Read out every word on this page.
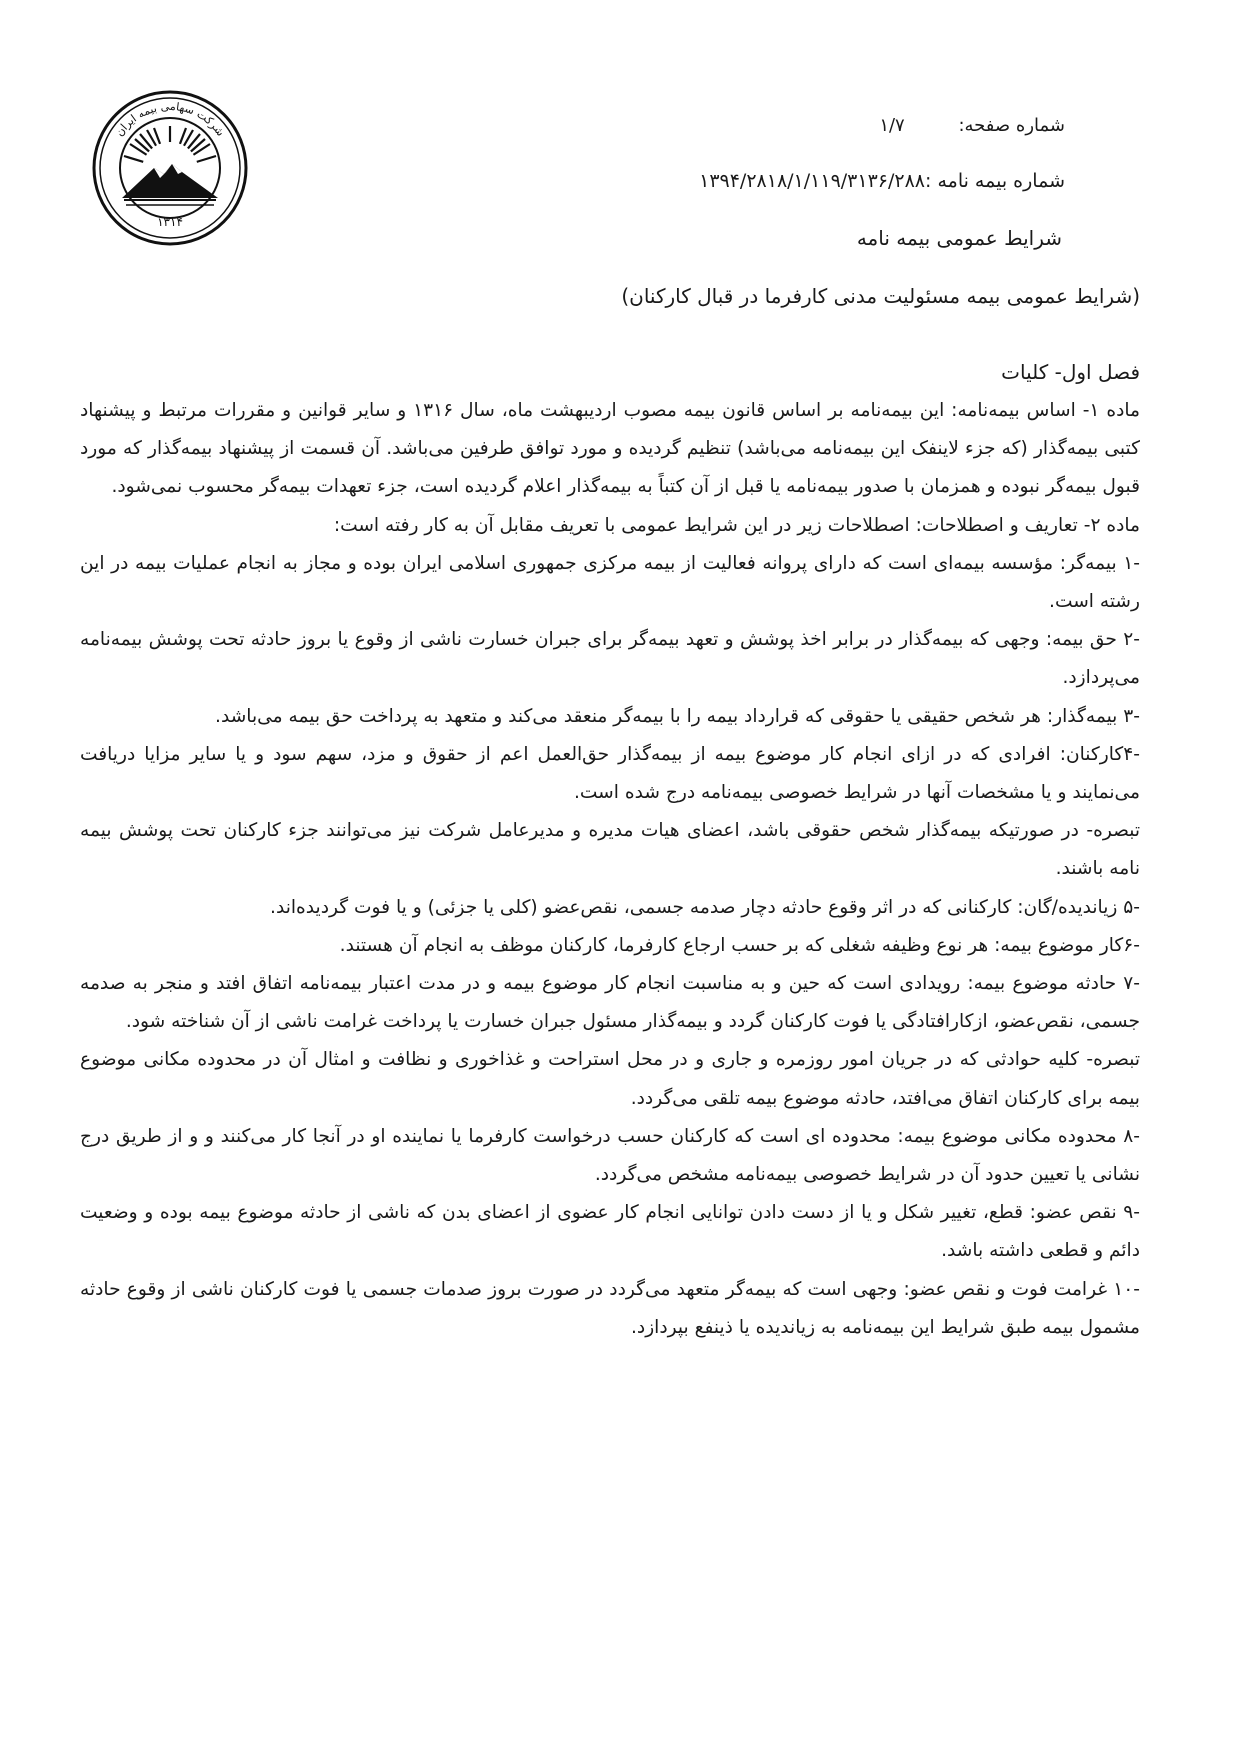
شرکت سهامی بیمه ایران
۱۳۱۴
شماره صفحه: ۱/۷
شماره بیمه نامه :۱۳۹۴/۲۸۱۸/۱/۱۱۹/۳۱۳۶/۲۸۸
شرایط عمومی بیمه نامه
(شرایط عمومی بیمه مسئولیت مدنی کارفرما در قبال کارکنان)
فصل اول- کلیات

ماده ۱- اساس بیمه‌نامه: این بیمه‌نامه بر اساس قانون بیمه مصوب اردیبهشت ماه، سال ۱۳۱۶ و سایر قوانین و مقررات مرتبط و پیشنهاد کتبی بیمه‌گذار (که جزء لاینفک این بیمه‌نامه می‌باشد) تنظیم گردیده و مورد توافق طرفین می‌باشد. آن قسمت از پیشنهاد بیمه‌گذار که مورد قبول بیمه‌گر نبوده و همزمان با صدور بیمه‌نامه یا قبل از آن کتباً به بیمه‌گذار اعلام گردیده است، جزء تعهدات بیمه‌گر محسوب نمی‌شود.

ماده ۲- تعاریف و اصطلاحات: اصطلاحات زیر در این شرایط عمومی با تعریف مقابل آن به کار رفته است:

-۱ بیمه‌گر: مؤسسه بیمه‌ای است که دارای پروانه فعالیت از بیمه مرکزی جمهوری اسلامی ایران بوده و مجاز به انجام عملیات بیمه در این رشته است.

-۲ حق بیمه: وجهی که بیمه‌گذار در برابر اخذ پوشش و تعهد بیمه‌گر برای جبران خسارت ناشی از وقوع یا بروز حادثه تحت پوشش بیمه‌نامه می‌پردازد.

-۳ بیمه‌گذار: هر شخص حقیقی یا حقوقی که قرارداد بیمه را با بیمه‌گر منعقد می‌کند و متعهد به پرداخت حق بیمه می‌باشد.

-۴کارکنان: افرادی که در ازای انجام کار موضوع بیمه از بیمه‌گذار حق‌العمل اعم از حقوق و مزد، سهم سود و یا سایر مزایا دریافت می‌نمایند و یا مشخصات آنها در شرایط خصوصی بیمه‌نامه درج شده است.

تبصره- در صورتیکه بیمه‌گذار شخص حقوقی باشد، اعضای هیات مدیره و مدیرعامل شرکت نیز می‌توانند جزء کارکنان تحت پوشش بیمه نامه باشند.

-۵ زیاندیده/گان: کارکنانی که در اثر وقوع حادثه دچار صدمه جسمی، نقص‌عضو (کلی یا جزئی) و یا فوت گردیده‌اند.

-۶کار موضوع بیمه: هر نوع وظیفه شغلی که بر حسب ارجاع کارفرما، کارکنان موظف به انجام آن هستند.

-۷ حادثه موضوع بیمه: رویدادی است که حین و به مناسبت انجام کار موضوع بیمه و در مدت اعتبار بیمه‌نامه اتفاق افتد و منجر به صدمه جسمی، نقص‌عضو، ازکارافتادگی یا فوت کارکنان گردد و بیمه‌گذار مسئول جبران خسارت یا پرداخت غرامت ناشی از آن شناخته شود.

تبصره- کلیه حوادثی که در جریان امور روزمره و جاری و در محل استراحت و غذاخوری و نظافت و امثال آن در محدوده مکانی موضوع بیمه برای کارکنان اتفاق می‌افتد، حادثه موضوع بیمه تلقی می‌گردد.

-۸ محدوده مکانی موضوع بیمه: محدوده ای است که کارکنان حسب درخواست کارفرما یا نماینده او در آنجا کار می‌کنند و و از طریق درج نشانی یا تعیین حدود آن در شرایط خصوصی بیمه‌نامه مشخص می‌گردد.

-۹ نقص عضو: قطع، تغییر شکل و یا از دست دادن توانایی انجام کار عضوی از اعضای بدن که ناشی از حادثه موضوع بیمه بوده و وضعیت دائم و قطعی داشته باشد.

-۱۰ غرامت فوت و نقص عضو: وجهی است که بیمه‌گر متعهد می‌گردد در صورت بروز صدمات جسمی یا فوت کارکنان ناشی از وقوع حادثه مشمول بیمه طبق شرایط این بیمه‌نامه به زیاندیده یا ذینفع بپردازد.
